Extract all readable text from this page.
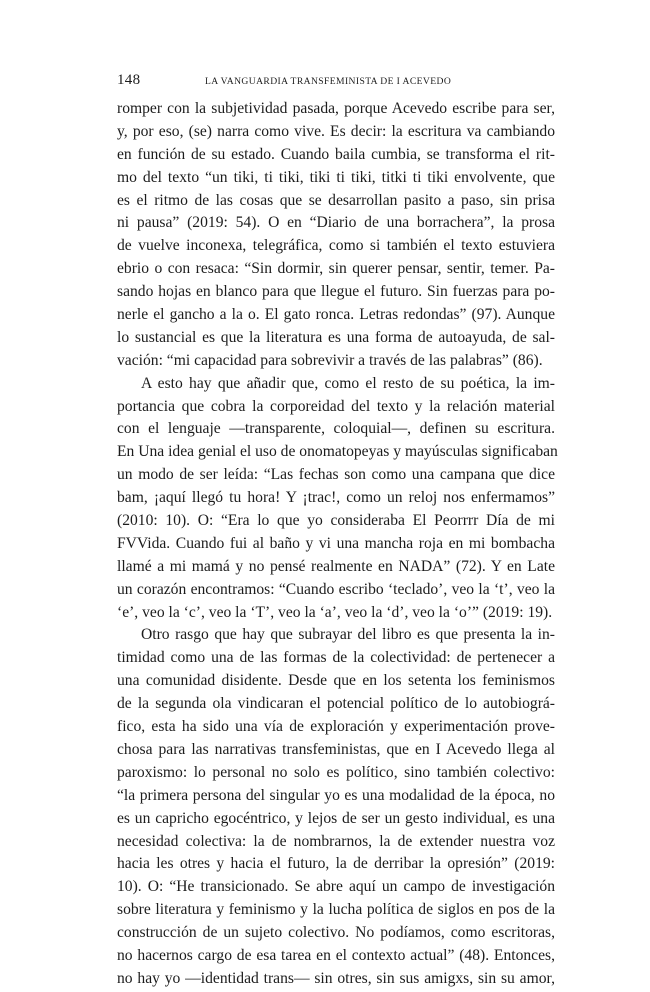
148	LA VANGUARDIA TRANSFEMINISTA DE I ACEVEDO
romper con la subjetividad pasada, porque Acevedo escribe para ser,
y, por eso, (se) narra como vive. Es decir: la escritura va cambiando
en función de su estado. Cuando baila cumbia, se transforma el rit-
mo del texto “un tiki, ti tiki, tiki ti tiki, titki ti tiki envolvente, que
es el ritmo de las cosas que se desarrollan pasito a paso, sin prisa
ni pausa” (2019: 54). O en “Diario de una borrachera”, la prosa
de vuelve inconexa, telegráfica, como si también el texto estuviera
ebrio o con resaca: “Sin dormir, sin querer pensar, sentir, temer. Pa-
sando hojas en blanco para que llegue el futuro. Sin fuerzas para po-
nerle el gancho a la o. El gato ronca. Letras redondas” (97). Aunque
lo sustancial es que la literatura es una forma de autoayuda, de sal-
vación: “mi capacidad para sobrevivir a través de las palabras” (86).
A esto hay que añadir que, como el resto de su poética, la im-
portancia que cobra la corporeidad del texto y la relación material
con el lenguaje —transparente, coloquial—, definen su escritura.
En Una idea genial el uso de onomatopeyas y mayúsculas significaban
un modo de ser leída: “Las fechas son como una campana que dice
bam, ¡aquí llegó tu hora! Y ¡trac!, como un reloj nos enfermamos”
(2010: 10). O: “Era lo que yo consideraba El Peorrrr Día de mi
FVVida. Cuando fui al baño y vi una mancha roja en mi bombacha
llamé a mi mamá y no pensé realmente en NADA” (72). Y en Late
un corazón encontramos: “Cuando escribo ‘teclado’, veo la ‘t’, veo la
‘e’, veo la ‘c’, veo la ‘T’, veo la ‘a’, veo la ‘d’, veo la ‘o’” (2019: 19).
Otro rasgo que hay que subrayar del libro es que presenta la in-
timidad como una de las formas de la colectividad: de pertenecer a
una comunidad disidente. Desde que en los setenta los feminismos
de la segunda ola vindicaran el potencial político de lo autobiográ-
fico, esta ha sido una vía de exploración y experimentación prove-
chosa para las narrativas transfeministas, que en I Acevedo llega al
paroxismo: lo personal no solo es político, sino también colectivo:
“la primera persona del singular yo es una modalidad de la época, no
es un capricho egocéntrico, y lejos de ser un gesto individual, es una
necesidad colectiva: la de nombrarnos, la de extender nuestra voz
hacia les otres y hacia el futuro, la de derribar la opresión” (2019:
10). O: “He transicionado. Se abre aquí un campo de investigación
sobre literatura y feminismo y la lucha política de siglos en pos de la
construcción de un sujeto colectivo. No podíamos, como escritoras,
no hacernos cargo de esa tarea en el contexto actual” (48). Entonces,
no hay yo —identidad trans— sin otres, sin sus amigxs, sin su amor,
